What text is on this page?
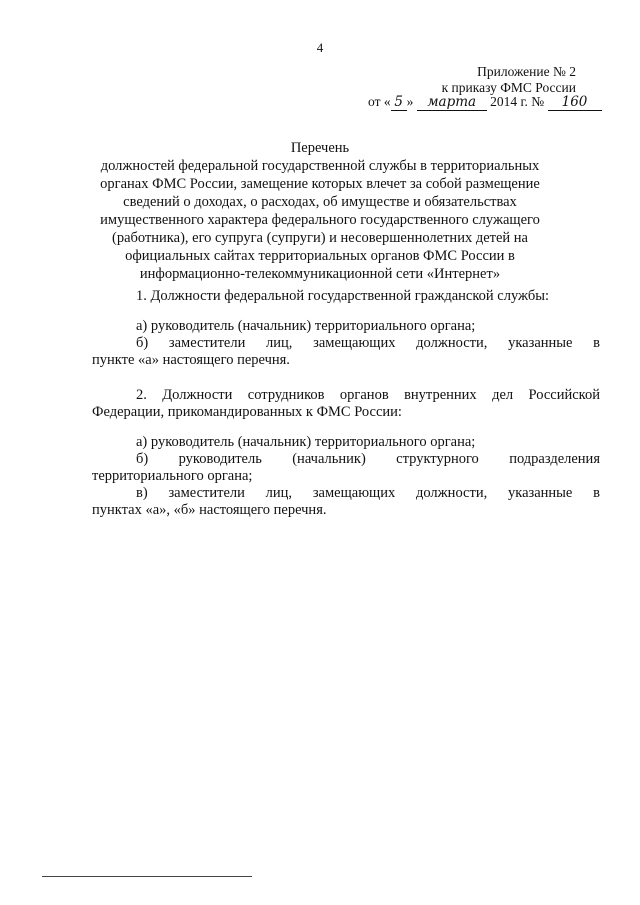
4
Приложение № 2
к приказу ФМС России
от « 5 » марта 2014 г. № 160
Перечень
должностей федеральной государственной службы в территориальных
органах ФМС России, замещение которых влечет за собой размещение
сведений о доходах, о расходах, об имуществе и обязательствах
имущественного характера федерального государственного служащего
(работника), его супруга (супруги) и несовершеннолетних детей на
официальных сайтах территориальных органов ФМС России в
информационно-телекоммуникационной сети «Интернет»

1. Должности федеральной государственной гражданской службы:

а) руководитель (начальник) территориального органа;

б) заместители лиц, замещающих должности, указанные в

пункте «а» настоящего перечня.

2. Должности сотрудников органов внутренних дел Российской

Федерации, прикомандированных к ФМС России:

а) руководитель (начальник) территориального органа;

б) руководитель (начальник) структурного подразделения

территориального органа;

в) заместители лиц, замещающих должности, указанные в

пунктах «а», «б» настоящего перечня.
